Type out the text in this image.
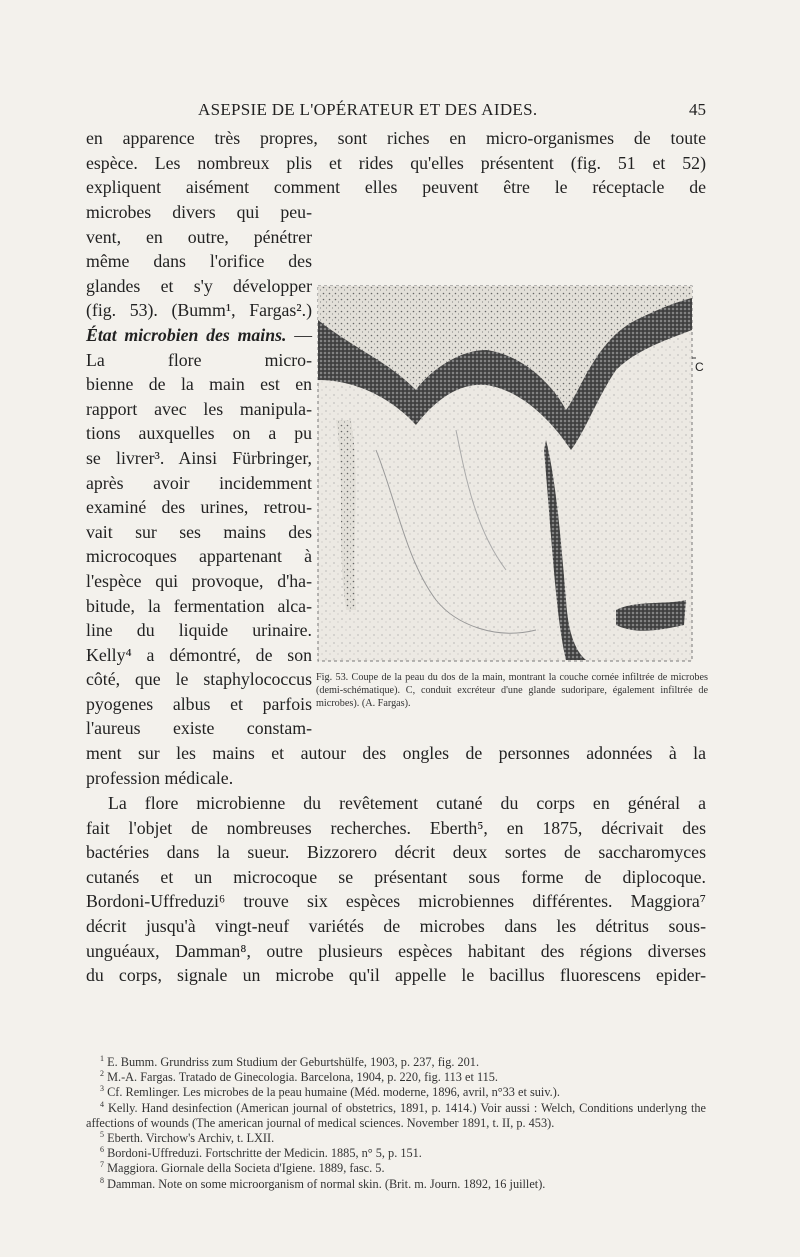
ASEPSIE DE L'OPÉRATEUR ET DES AIDES.	45
en apparence très propres, sont riches en micro-organismes de toute
espèce. Les nombreux plis et rides qu'elles présentent (fig. 51 et 52)
expliquent aisément comment elles peuvent être le réceptacle de
microbes divers qui peu-
vent, en outre, pénétrer
même dans l'orifice des
glandes et s'y développer
(fig. 53). (Bumm¹, Fargas².)
État microbien des mains. — La flore micro-
bienne de la main est en
rapport avec les manipula-
tions auxquelles on a pu
se livrer³. Ainsi Fürbringer,
après avoir incidemment
examiné des urines, retrou-
vait sur ses mains des
microcoques appartenant à
l'espèce qui provoque, d'ha-
bitude, la fermentation alca-
line du liquide urinaire.
Kelly⁴ a démontré, de son
côté, que le staphylococcus
pyogenes albus et parfois
l'aureus existe constam-
ment sur les mains et autour des ongles de personnes adonnées à la
profession médicale.
La flore microbienne du revêtement cutané du corps en général a
fait l'objet de nombreuses recherches. Eberth⁵, en 1875, décrivait des
bactéries dans la sueur. Bizzorero décrit deux sortes de saccharomyces
cutanés et un microcoque se présentant sous forme de diplocoque.
Bordoni-Uffreduzi⁶ trouve six espèces microbiennes différentes. Maggiora⁷
décrit jusqu'à vingt-neuf variétés de microbes dans les détritus sous-
unguéaux, Damman⁸, outre plusieurs espèces habitant des régions diverses
du corps, signale un microbe qu'il appelle le bacillus fluorescens epider-
C
Fig. 53. Coupe de la peau du dos de la main, montrant la couche cornée infiltrée de microbes (demi-schématique). C, conduit excréteur d'une glande sudoripare, également infiltrée de microbes). (A. Fargas).

$^1$ E. Bumm. Grundriss zum Studium der Geburtshülfe, 1903, p. 237, fig. 201.

$^2$ M.-A. Fargas. Tratado de Ginecologia. Barcelona, 1904, p. 220, fig. 113 et 115.

$^3$ Cf. Remlinger. Les microbes de la peau humaine (Méd. moderne, 1896, avril, n°33 et suiv.).

$^4$ Kelly. Hand desinfection (American journal of obstetrics, 1891, p. 1414.) Voir aussi : Welch, Conditions underlyng the affections of wounds (The american journal of medical sciences. November 1891, t. II, p. 453).

$^5$ Eberth. Virchow's Archiv, t. LXII.

$^6$ Bordoni-Uffreduzi. Fortschritte der Medicin. 1885, n° 5, p. 151.

$^7$ Maggiora. Giornale della Societa d'Igiene. 1889, fasc. 5.

$^8$ Damman. Note on some microorganism of normal skin. (Brit. m. Journ. 1892, 16 juillet).
